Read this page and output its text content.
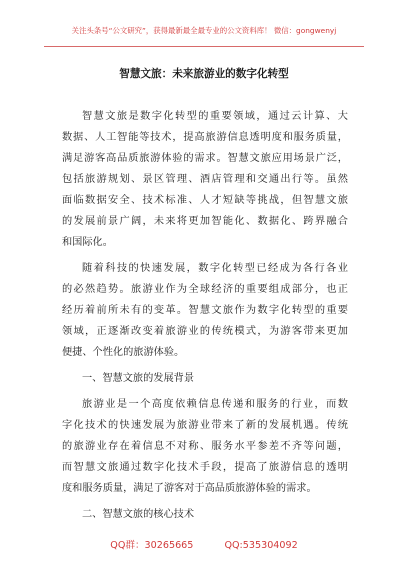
关注头条号“公文研究”，获得最新最全最专业的公文资料库！ 微信：gongwenyj
智慧文旅：未来旅游业的数字化转型
智慧文旅是数字化转型的重要领域，通过云计算、大
数据、人工智能等技术，提高旅游信息透明度和服务质量，
满足游客高品质旅游体验的需求。智慧文旅应用场景广泛，
包括旅游规划、景区管理、酒店管理和交通出行等。虽然
面临数据安全、技术标准、人才短缺等挑战，但智慧文旅
的发展前景广阔，未来将更加智能化、数据化、跨界融合
和国际化。
随着科技的快速发展，数字化转型已经成为各行各业
的必然趋势。旅游业作为全球经济的重要组成部分，也正
经历着前所未有的变革。智慧文旅作为数字化转型的重要
领域，正逐渐改变着旅游业的传统模式，为游客带来更加
便捷、个性化的旅游体验。
一、智慧文旅的发展背景
旅游业是一个高度依赖信息传递和服务的行业，而数
字化技术的快速发展为旅游业带来了新的发展机遇。传统
的旅游业存在着信息不对称、服务水平参差不齐等问题，
而智慧文旅通过数字化技术手段，提高了旅游信息的透明
度和服务质量，满足了游客对于高品质旅游体验的需求。
二、智慧文旅的核心技术
QQ群：30265665	QQ:535304092
